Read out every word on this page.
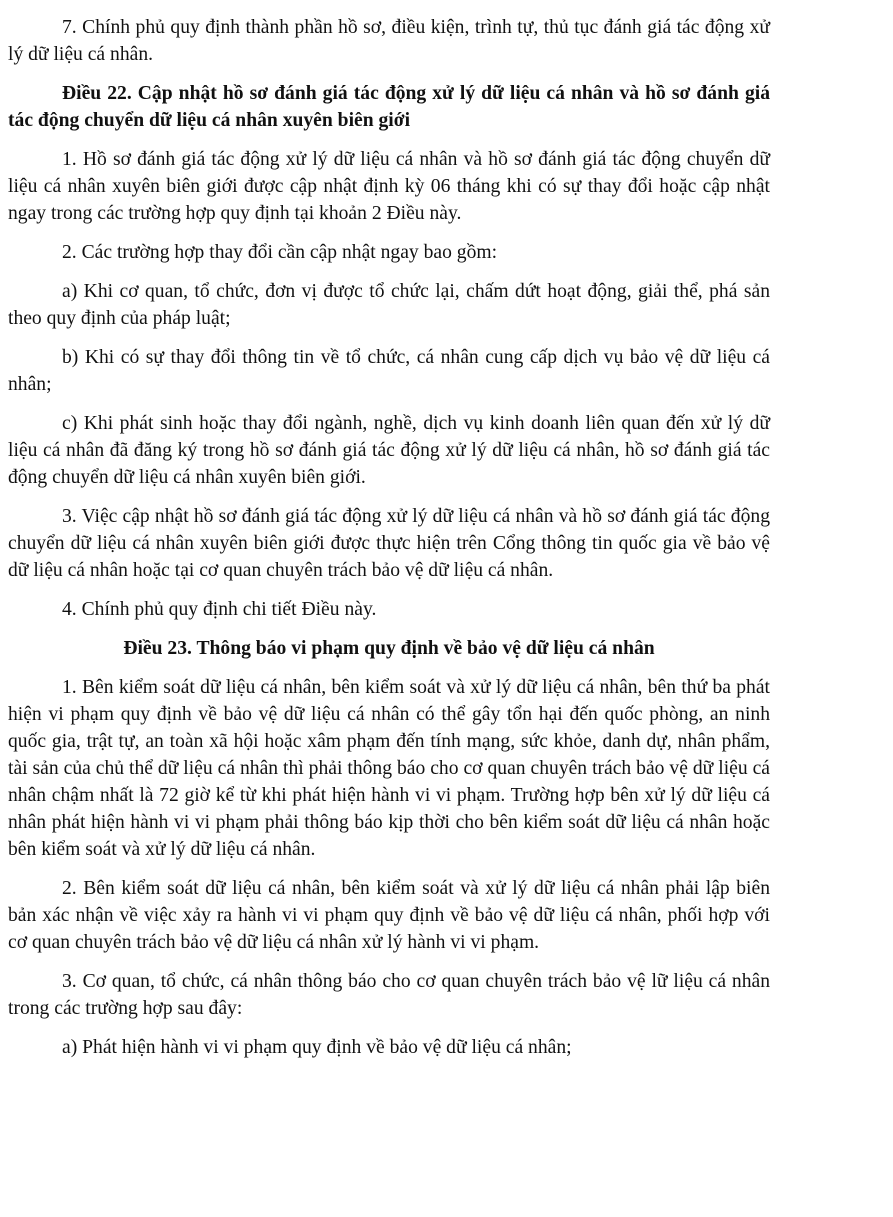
7. Chính phủ quy định thành phần hồ sơ, điều kiện, trình tự, thủ tục đánh giá tác động xử lý dữ liệu cá nhân.

Điều 22. Cập nhật hồ sơ đánh giá tác động xử lý dữ liệu cá nhân và hồ sơ đánh giá tác động chuyển dữ liệu cá nhân xuyên biên giới

1. Hồ sơ đánh giá tác động xử lý dữ liệu cá nhân và hồ sơ đánh giá tác động chuyển dữ liệu cá nhân xuyên biên giới được cập nhật định kỳ 06 tháng khi có sự thay đổi hoặc cập nhật ngay trong các trường hợp quy định tại khoản 2 Điều này.

2. Các trường hợp thay đổi cần cập nhật ngay bao gồm:

a) Khi cơ quan, tổ chức, đơn vị được tổ chức lại, chấm dứt hoạt động, giải thể, phá sản theo quy định của pháp luật;

b) Khi có sự thay đổi thông tin về tổ chức, cá nhân cung cấp dịch vụ bảo vệ dữ liệu cá nhân;

c) Khi phát sinh hoặc thay đổi ngành, nghề, dịch vụ kinh doanh liên quan đến xử lý dữ liệu cá nhân đã đăng ký trong hồ sơ đánh giá tác động xử lý dữ liệu cá nhân, hồ sơ đánh giá tác động chuyển dữ liệu cá nhân xuyên biên giới.

3. Việc cập nhật hồ sơ đánh giá tác động xử lý dữ liệu cá nhân và hồ sơ đánh giá tác động chuyển dữ liệu cá nhân xuyên biên giới được thực hiện trên Cổng thông tin quốc gia về bảo vệ dữ liệu cá nhân hoặc tại cơ quan chuyên trách bảo vệ dữ liệu cá nhân.

4. Chính phủ quy định chi tiết Điều này.

Điều 23. Thông báo vi phạm quy định về bảo vệ dữ liệu cá nhân

1. Bên kiểm soát dữ liệu cá nhân, bên kiểm soát và xử lý dữ liệu cá nhân, bên thứ ba phát hiện vi phạm quy định về bảo vệ dữ liệu cá nhân có thể gây tổn hại đến quốc phòng, an ninh quốc gia, trật tự, an toàn xã hội hoặc xâm phạm đến tính mạng, sức khỏe, danh dự, nhân phẩm, tài sản của chủ thể dữ liệu cá nhân thì phải thông báo cho cơ quan chuyên trách bảo vệ dữ liệu cá nhân chậm nhất là 72 giờ kể từ khi phát hiện hành vi vi phạm. Trường hợp bên xử lý dữ liệu cá nhân phát hiện hành vi vi phạm phải thông báo kịp thời cho bên kiểm soát dữ liệu cá nhân hoặc bên kiểm soát và xử lý dữ liệu cá nhân.

2. Bên kiểm soát dữ liệu cá nhân, bên kiểm soát và xử lý dữ liệu cá nhân phải lập biên bản xác nhận về việc xảy ra hành vi vi phạm quy định về bảo vệ dữ liệu cá nhân, phối hợp với cơ quan chuyên trách bảo vệ dữ liệu cá nhân xử lý hành vi vi phạm.

3. Cơ quan, tổ chức, cá nhân thông báo cho cơ quan chuyên trách bảo vệ lữ liệu cá nhân trong các trường hợp sau đây:

a) Phát hiện hành vi vi phạm quy định về bảo vệ dữ liệu cá nhân;
